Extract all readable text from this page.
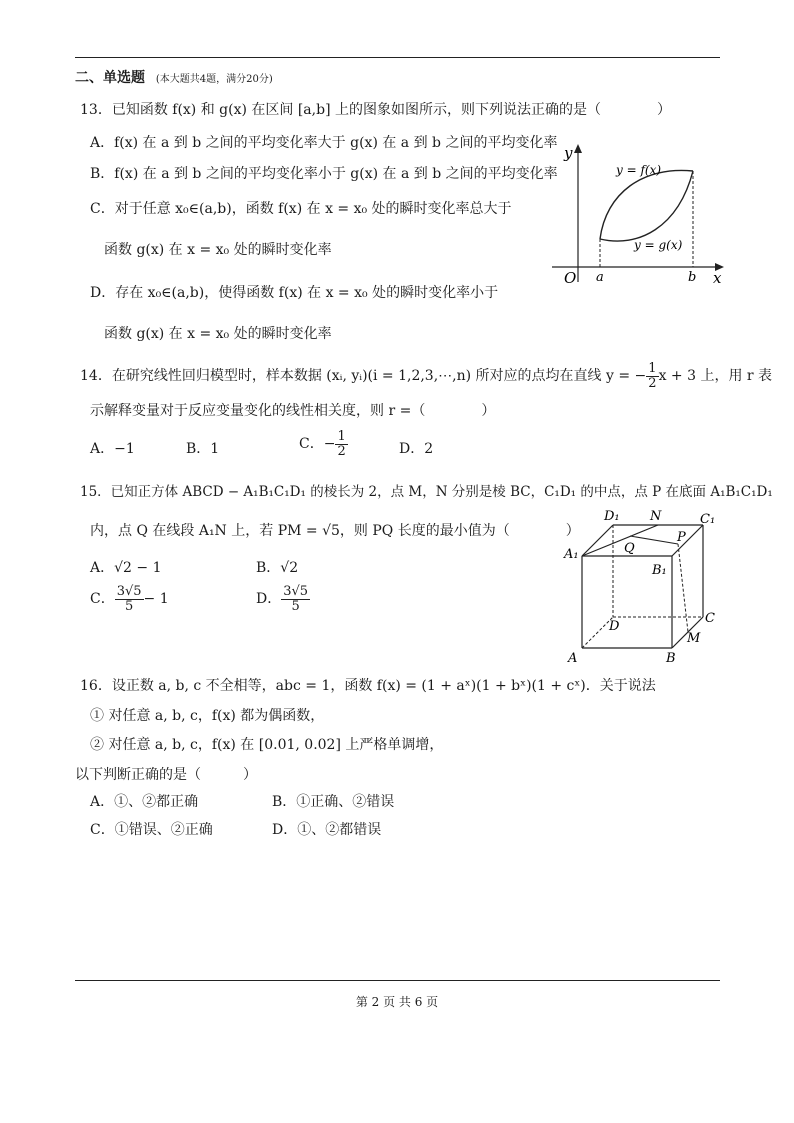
二、单选题 (本大题共4题，满分20分)
13．已知函数 f(x) 和 g(x) 在区间 [a,b] 上的图象如图所示，则下列说法正确的是（　　　　）
A．f(x) 在 a 到 b 之间的平均变化率大于 g(x) 在 a 到 b 之间的平均变化率
B．f(x) 在 a 到 b 之间的平均变化率小于 g(x) 在 a 到 b 之间的平均变化率
C．对于任意 x₀∈(a,b)，函数 f(x) 在 x = x₀ 处的瞬时变化率总大于
函数 g(x) 在 x = x₀ 处的瞬时变化率
D．存在 x₀∈(a,b)，使得函数 f(x) 在 x = x₀ 处的瞬时变化率小于
函数 g(x) 在 x = x₀ 处的瞬时变化率
y
x
O a	b
y = f(x)
y = g(x)
14．在研究线性回归模型时，样本数据 (xᵢ, yᵢ)(i = 1,2,3,⋯,n) 所对应的点均在直线 y = − $\frac{1}{2}$ x + 3 上，用 r 表
示解释变量对于反应变量变化的线性相关度，则 r =（　　　　）
A．−1	B．1	C．− $\frac{1}{2}$	D．2
15．已知正方体 ABCD − A₁B₁C₁D₁ 的棱长为 2，点 M，N 分别是棱 BC，C₁D₁ 的中点，点 P 在底面 A₁B₁C₁D₁
内，点 Q 在线段 A₁N 上，若 PM = √5，则 PQ 长度的最小值为（　　　　）
A．√2 − 1	B．√2
C． $\frac{3√5}{5} - 1$	D． $\frac{3√5}{5}$
D₁ N	C₁
A₁	Q
P
B₁
C
D
M
A	B
16．设正数 a, b, c 不全相等，abc = 1，函数 f(x) = (1 + aˣ)(1 + bˣ)(1 + cˣ)．关于说法
① 对任意 a, b, c，f(x) 都为偶函数，
② 对任意 a, b, c，f(x) 在 [0.01, 0.02] 上严格单调增，
以下判断正确的是（　　　）
A．①、②都正确	B．①正确、②错误
C．①错误、②正确	D．①、②都错误
第 2 页 共 6 页
